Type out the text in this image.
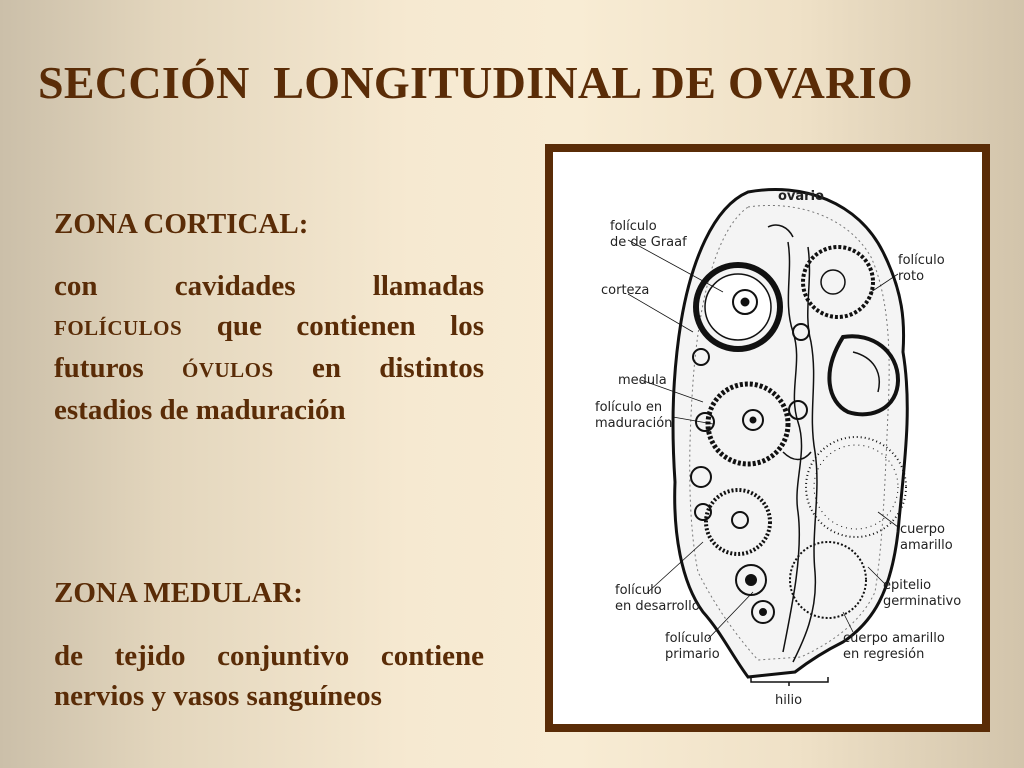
SECCIÓN  LONGITUDINAL DE OVARIO
ZONA CORTICAL:
con cavidades llamadas
FOLÍCULOS que contienen los
futuros ÓVULOS en distintos
estadios de maduración
ZONA MEDULAR:
de tejido conjuntivo contiene nervios y vasos sanguíneos
ovario
folículo
de de Graaf
corteza
medula
folículo en
maduración
folículo
en desarrollo
folículo
primario
folículo
roto
cuerpo
amarillo
epitelio
germinativo
cuerpo amarillo
en regresión
hilio
